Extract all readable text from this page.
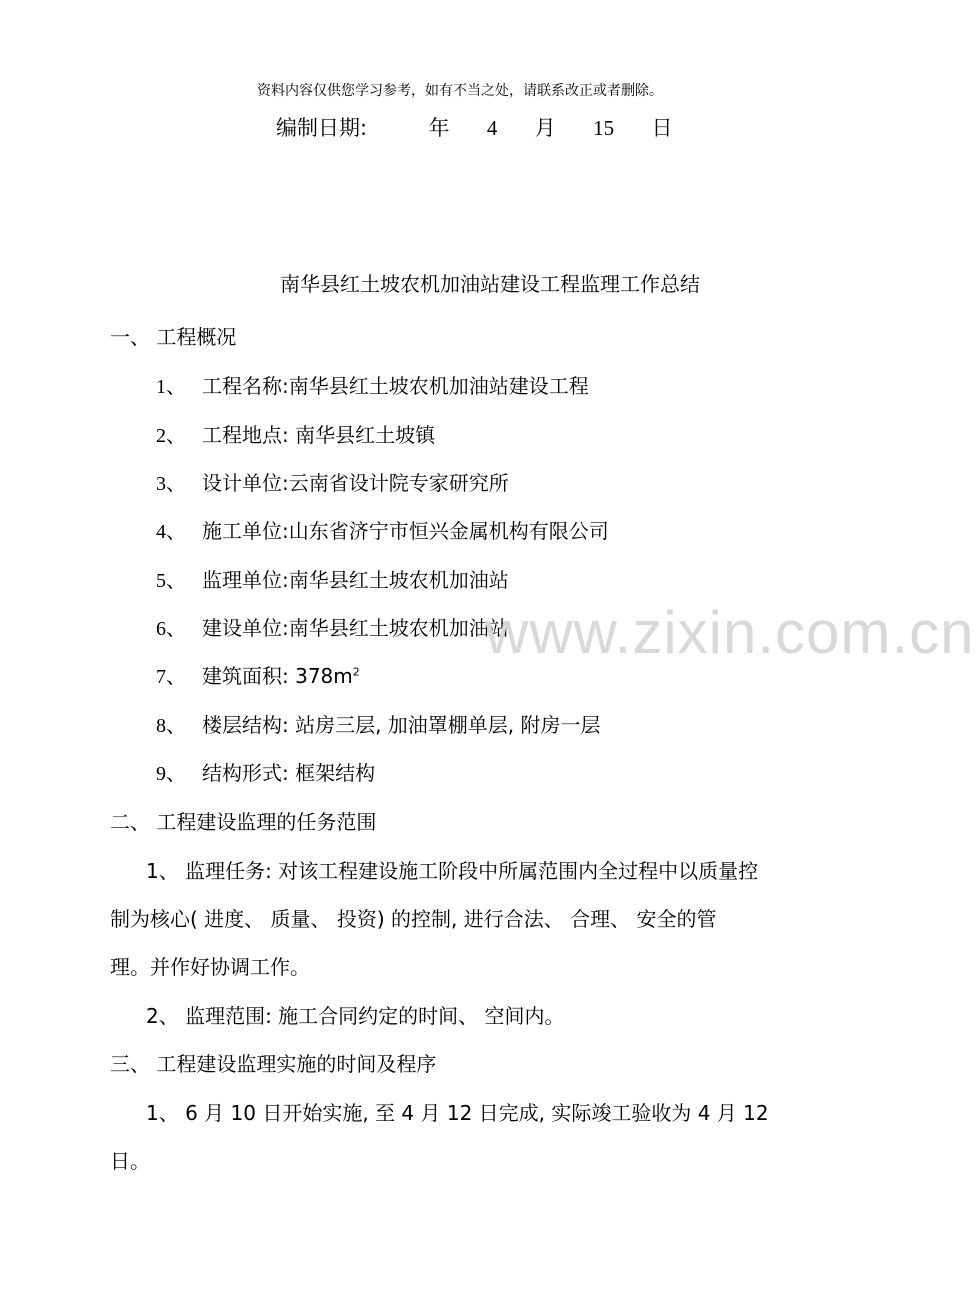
资料内容仅供您学习参考，如有不当之处，请联系改正或者删除。
编制日期:	年 4 月 15 日
南华县红土坡农机加油站建设工程监理工作总结
一、 工程概况
1、 工程名称:南华县红土坡农机加油站建设工程
2、 工程地点: 南华县红土坡镇
3、 设计单位:云南省设计院专家研究所
4、 施工单位:山东省济宁市恒兴金属机构有限公司
5、 监理单位:南华县红土坡农机加油站
6、 建设单位:南华县红土坡农机加油站
7、 建筑面积: $378m^2$
8、 楼层结构: 站房三层, 加油罩棚单层, 附房一层
9、 结构形式: 框架结构
二、 工程建设监理的任务范围
1、 监理任务: 对该工程建设施工阶段中所属范围内全过程中以质量控
制为核心( 进度、 质量、 投资) 的控制, 进行合法、 合理、 安全的管
理。并作好协调工作。
2、 监理范围: 施工合同约定的时间、 空间内。
三、 工程建设监理实施的时间及程序
1、 6 月 10 日开始实施, 至 4 月 12 日完成, 实际竣工验收为 4 月 12
日。
www.zixin.com.cn
